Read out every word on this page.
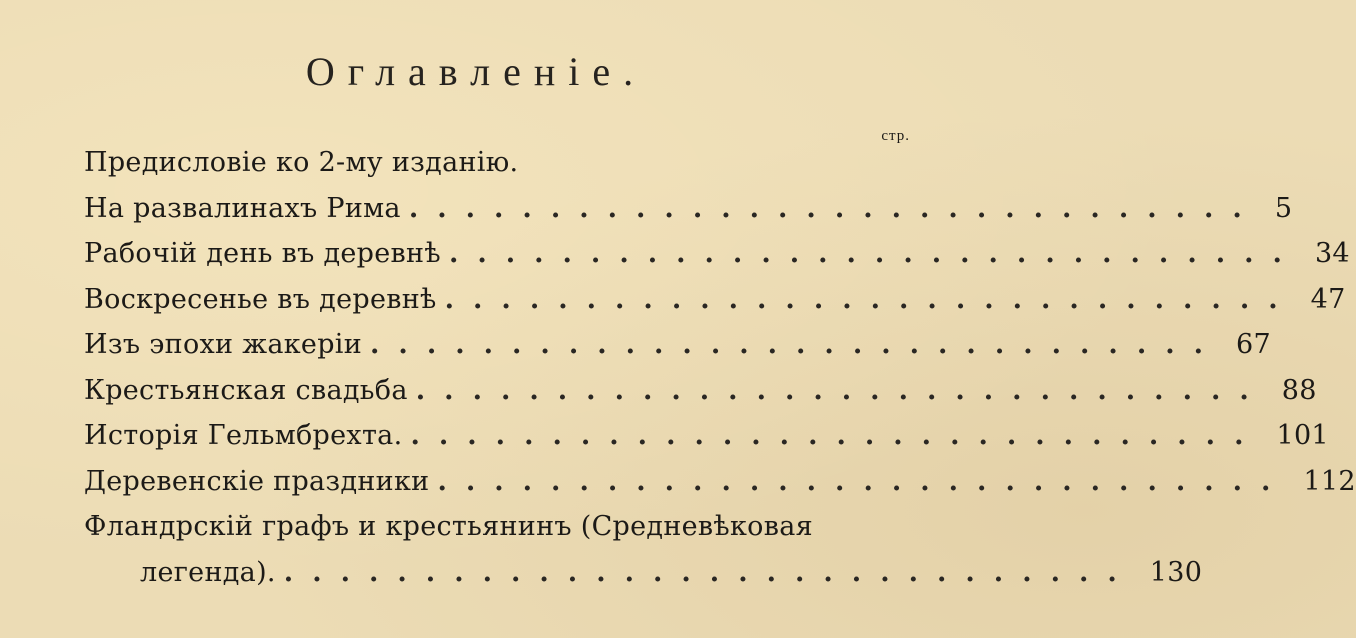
Оглавленiе.
стр.
Предисловiе ко 2-му изданiю.
На развалинахъ Рима .............................. 5
Рабочiй день въ деревнѣ .............................. 34
Воскресенье въ деревнѣ .............................. 47
Изъ эпохи жакерiи .............................. 67
Крестьянская свадьба .............................. 88
Исторiя Гельмбрехта. .............................. 101
Деревенскiе праздники .............................. 112
Фландрскiй графъ и крестьянинъ (Средневѣковая
легенда). .............................. 130
